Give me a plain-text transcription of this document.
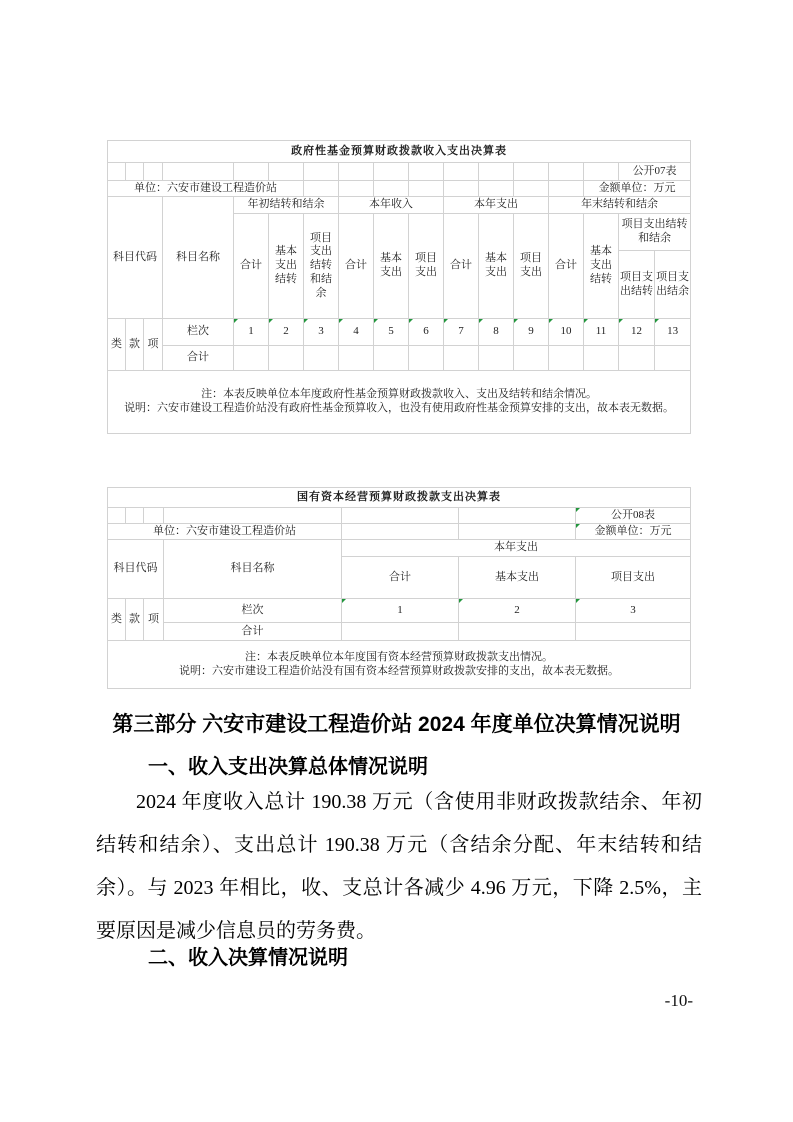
政府性基金预算财政拨款收入支出决算表																
															公开07表	
单位：六安市建设工程造价站														金额单位：万元		
科目代码			科目名称	年初结转和结余			本年收入			本年支出			年末结转和结余			
				合计	基本支出结转	项目支出结转和结余	合计	基本支出	项目支出	合计	基本支出	项目支出	合计	基本支出结转	项目支出结转和结余	
															项目支出结转	项目支出结余
类	款	项	栏次	1	2	3	4	5	6	7	8	9	10	11	12	13
			合计													

注：本表反映单位本年度政府性基金预算财政拨款收入、支出及结转和结余情况。
说明：六安市建设工程造价站没有政府性基金预算收入，也没有使用政府性基金预算安排的支出，故本表无数据。																
国有资本经营预算财政拨款支出决算表						
						公开08表
单位：六安市建设工程造价站						金额单位：万元
科目代码			科目名称	本年支出		
				合计	基本支出	项目支出
类	款	项	栏次	1	2	3
			合计			

注：本表反映单位本年度国有资本经营预算财政拨款支出情况。
说明：六安市建设工程造价站没有国有资本经营预算财政拨款安排的支出，故本表无数据。						
第三部分 六安市建设工程造价站 2024 年度单位决算情况说明
一、收入支出决算总体情况说明
2024 年度收入总计 190.38 万元（含使用非财政拨款结余、年初结转和结余）、支出总计 190.38 万元（含结余分配、年末结转和结余）。与 2023 年相比，收、支总计各减少 4.96 万元，下降 2.5%，主要原因是减少信息员的劳务费。
二、收入决算情况说明
-10-
